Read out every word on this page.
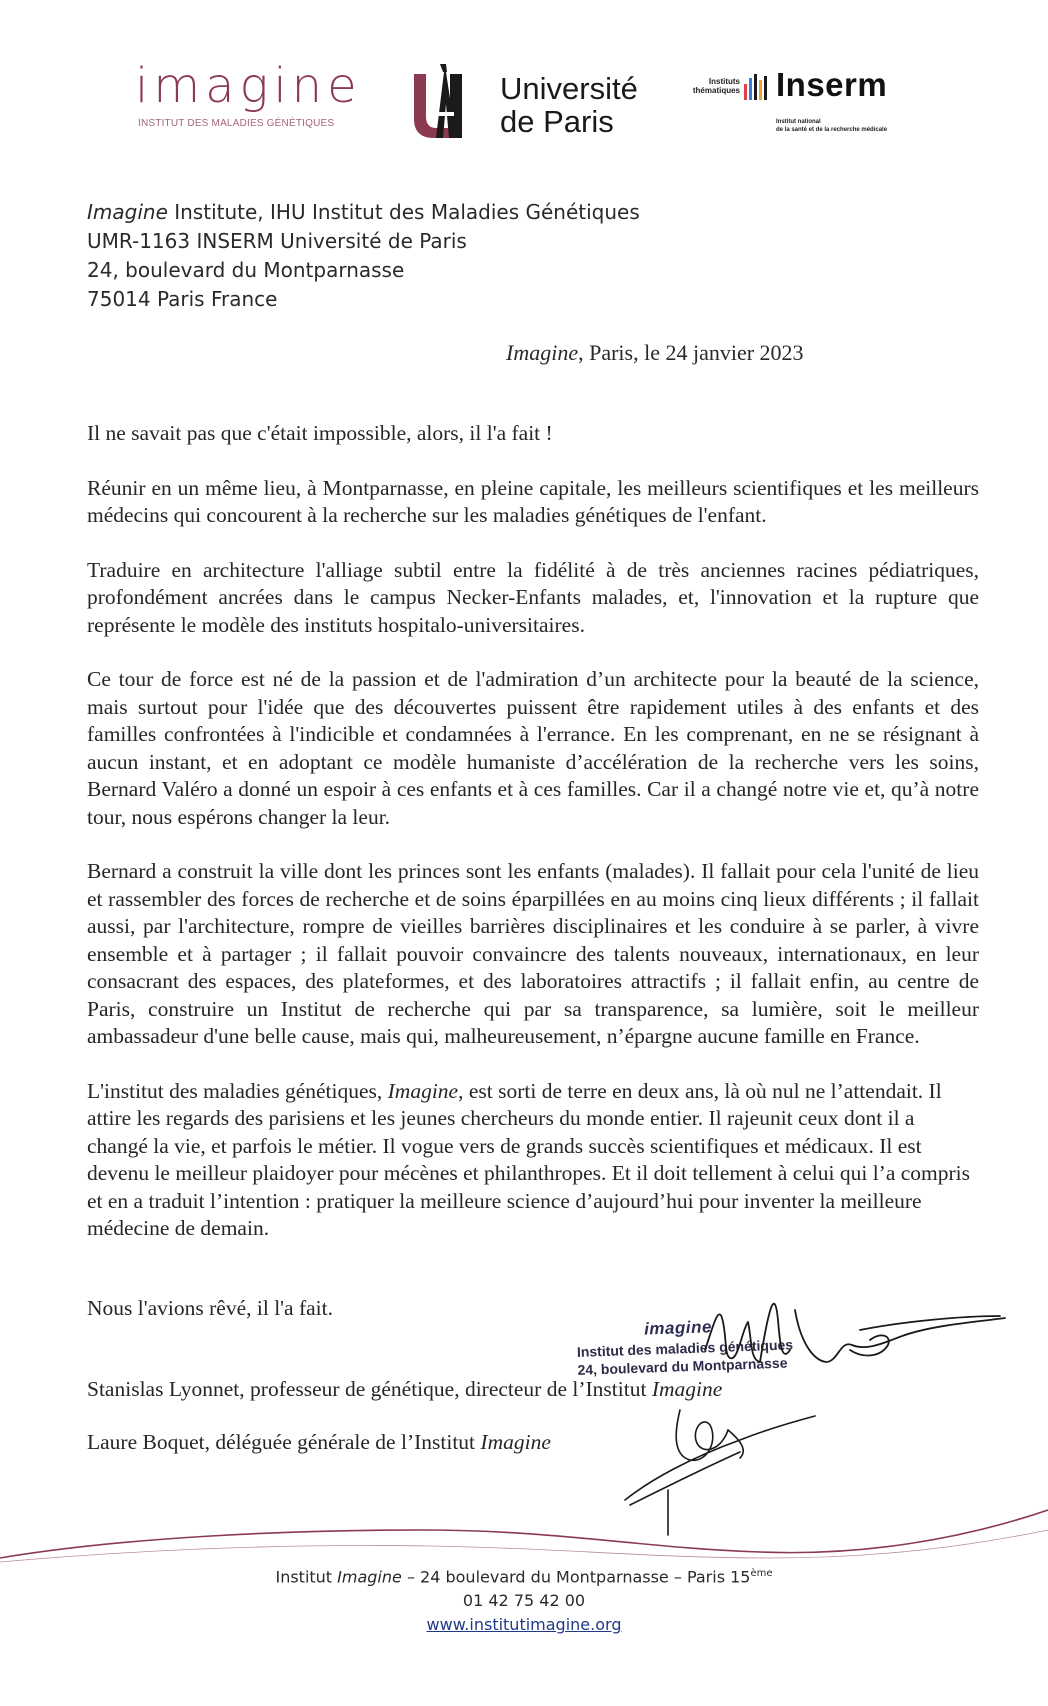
imagine
INSTITUT DES MALADIES GÉNÉTIQUES
Université
de Paris
Instituts
thématiques Inserm
Institut national
de la santé et de la recherche médicale
Imagine Institute, IHU Institut des Maladies Génétiques
UMR-1163 INSERM Université de Paris
24, boulevard du Montparnasse
75014 Paris France
Imagine, Paris, le 24 janvier 2023

Il ne savait pas que c'était impossible, alors, il l'a fait !

Réunir en un même lieu, à Montparnasse, en pleine capitale, les meilleurs scientifiques et les meilleurs médecins qui concourent à la recherche sur les maladies génétiques de l'enfant.

Traduire en architecture l'alliage subtil entre la fidélité à de très anciennes racines pédiatriques, profondément ancrées dans le campus Necker-Enfants malades, et, l'innovation et la rupture que représente le modèle des instituts hospitalo-universitaires.

Ce tour de force est né de la passion et de l'admiration d’un architecte pour la beauté de la science, mais surtout pour l'idée que des découvertes puissent être rapidement utiles à des enfants et des familles confrontées à l'indicible et condamnées à l'errance. En les comprenant, en ne se résignant à aucun instant, et en adoptant ce modèle humaniste d’accélération de la recherche vers les soins, Bernard Valéro a donné un espoir à ces enfants et à ces familles. Car il a changé notre vie et, qu’à notre tour, nous espérons changer la leur.

Bernard a construit la ville dont les princes sont les enfants (malades). Il fallait pour cela l'unité de lieu et rassembler des forces de recherche et de soins éparpillées en au moins cinq lieux différents ; il fallait aussi, par l'architecture, rompre de vieilles barrières disciplinaires et les conduire à se parler, à vivre ensemble et à partager ; il fallait pouvoir convaincre des talents nouveaux, internationaux, en leur consacrant des espaces, des plateformes, et des laboratoires attractifs ; il fallait enfin, au centre de Paris, construire un Institut de recherche qui par sa transparence, sa lumière, soit le meilleur ambassadeur d'une belle cause, mais qui, malheureusement, n’épargne aucune famille en France.

L'institut des maladies génétiques, Imagine, est sorti de terre en deux ans, là où nul ne l’attendait. Il attire les regards des parisiens et les jeunes chercheurs du monde entier. Il rajeunit ceux dont il a changé la vie, et parfois le métier. Il vogue vers de grands succès scientifiques et médicaux. Il est devenu le meilleur plaidoyer pour mécènes et philanthropes. Et il doit tellement à celui qui l’a compris et en a traduit l’intention : pratiquer la meilleure science d’aujourd’hui pour inventer la meilleure médecine de demain.

Nous l'avions rêvé, il l'a fait.
imagine
Institut des maladies génétiques
24, boulevard du Montparnasse
Stanislas Lyonnet, professeur de génétique, directeur de l’Institut Imagine
Laure Boquet, déléguée générale de l’Institut Imagine
Institut Imagine – 24 boulevard du Montparnasse – Paris 15ème
01 42 75 42 00
www.institutimagine.org
